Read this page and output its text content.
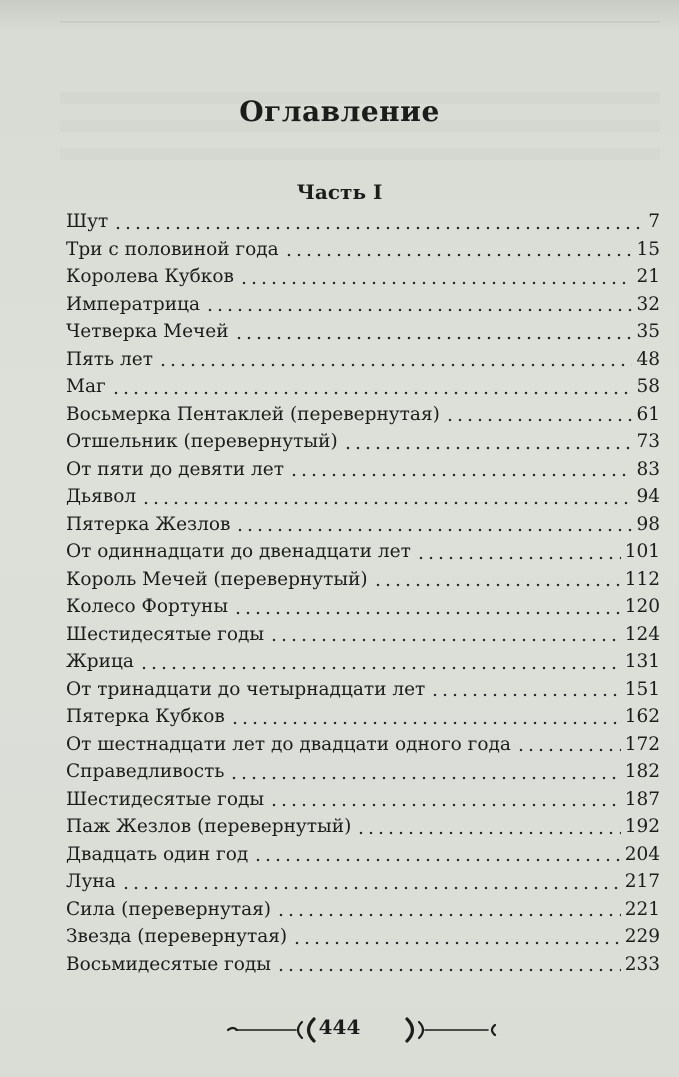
Оглавление
Часть I
Шут	7
Три с половиной года	15
Королева Кубков	21
Императрица	32
Четверка Мечей	35
Пять лет	48
Маг	58
Восьмерка Пентаклей (перевернутая)	61
Отшельник (перевернутый)	73
От пяти до девяти лет	83
Дьявол	94
Пятерка Жезлов	98
От одиннадцати до двенадцати лет	101
Король Мечей (перевернутый)	112
Колесо Фортуны	120
Шестидесятые годы	124
Жрица	131
От тринадцати до четырнадцати лет	151
Пятерка Кубков	162
От шестнадцати лет до двадцати одного года	172
Справедливость	182
Шестидесятые годы	187
Паж Жезлов (перевернутый)	192
Двадцать один год	204
Луна	217
Сила (перевернутая)	221
Звезда (перевернутая)	229
Восьмидесятые годы	233
444
